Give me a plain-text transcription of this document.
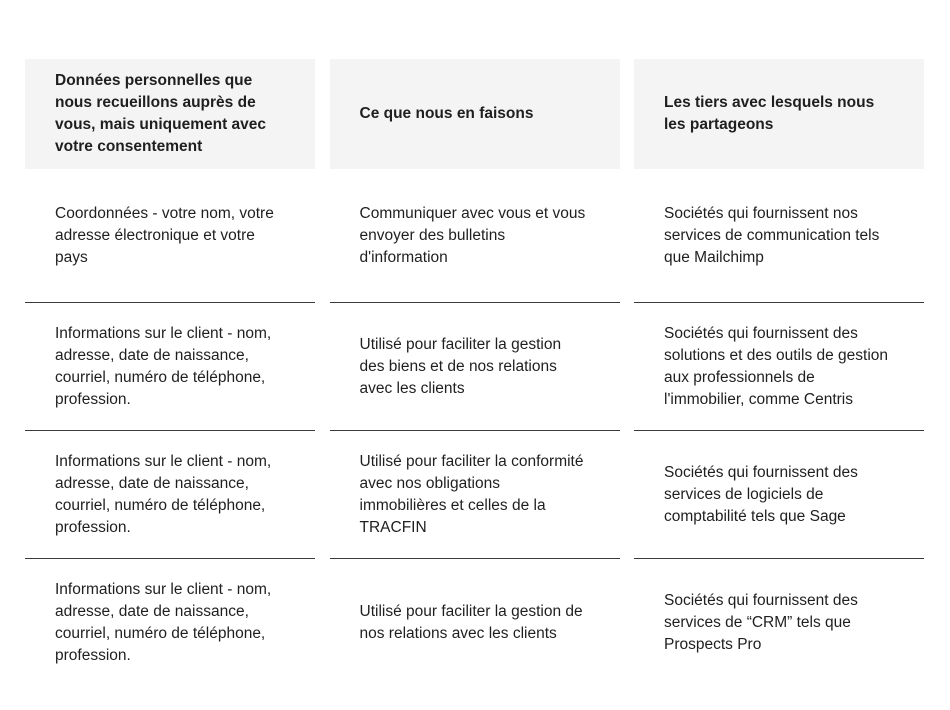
Données personnelles que nous recueillons auprès de vous, mais uniquement avec votre consentement
Ce que nous en faisons
Les tiers avec lesquels nous les partageons
Coordonnées - votre nom, votre adresse électronique et votre pays
Communiquer avec vous et vous envoyer des bulletins d'information
Sociétés qui fournissent nos services de communication tels que Mailchimp
Informations sur le client - nom, adresse, date de naissance, courriel, numéro de téléphone, profession.
Utilisé pour faciliter la gestion des biens et de nos relations avec les clients
Sociétés qui fournissent des solutions et des outils de gestion aux professionnels de l'immobilier, comme Centris
Informations sur le client - nom, adresse, date de naissance, courriel, numéro de téléphone, profession.
Utilisé pour faciliter la conformité avec nos obligations immobilières et celles de la TRACFIN
Sociétés qui fournissent des services de logiciels de comptabilité tels que Sage
Informations sur le client - nom, adresse, date de naissance, courriel, numéro de téléphone, profession.
Utilisé pour faciliter la gestion de nos relations avec les clients
Sociétés qui fournissent des services de “CRM” tels que Prospects Pro
